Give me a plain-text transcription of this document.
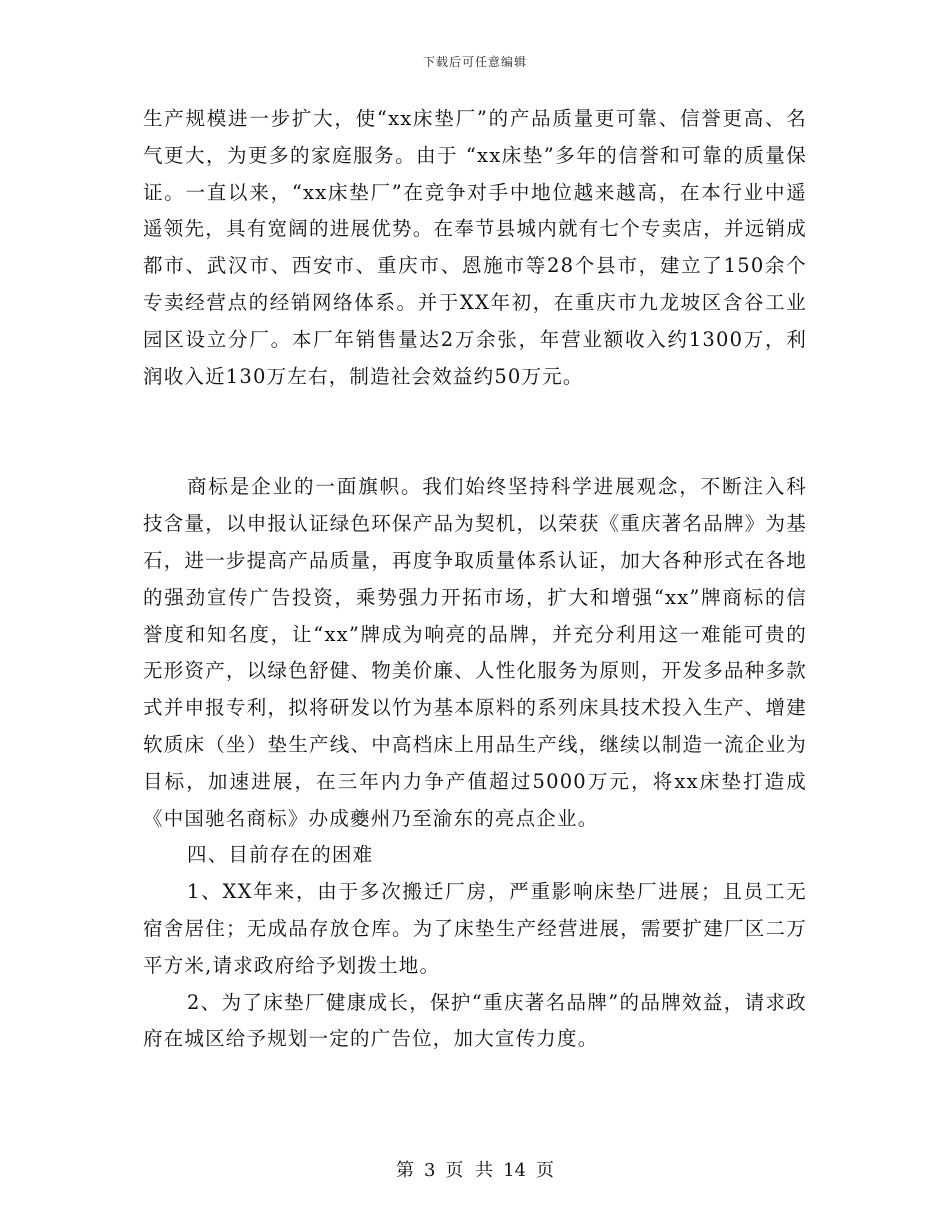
下载后可任意编辑

生产规模进一步扩大，使“xx床垫厂”的产品质量更可靠、信誉更高、名气更大，为更多的家庭服务。由于 “xx床垫”多年的信誉和可靠的质量保证。一直以来，“xx床垫厂”在竞争对手中地位越来越高，在本行业中遥遥领先，具有宽阔的进展优势。在奉节县城内就有七个专卖店，并远销成都市、武汉市、西安市、重庆市、恩施市等28个县市，建立了150余个专卖经营点的经销网络体系。并于XX年初，在重庆市九龙坡区含谷工业园区设立分厂。本厂年销售量达2万余张，年营业额收入约1300万，利润收入近130万左右，制造社会效益约50万元。

商标是企业的一面旗帜。我们始终坚持科学进展观念，不断注入科技含量，以申报认证绿色环保产品为契机，以荣获《重庆著名品牌》为基石，进一步提高产品质量，再度争取质量体系认证，加大各种形式在各地的强劲宣传广告投资，乘势强力开拓市场，扩大和增强“xx”牌商标的信誉度和知名度，让“xx”牌成为响亮的品牌，并充分利用这一难能可贵的无形资产，以绿色舒健、物美价廉、人性化服务为原则，开发多品种多款式并申报专利，拟将研发以竹为基本原料的系列床具技术投入生产、增建软质床（坐）垫生产线、中高档床上用品生产线，继续以制造一流企业为目标，加速进展，在三年内力争产值超过5000万元，将xx床垫打造成《中国驰名商标》办成夔州乃至渝东的亮点企业。

四、目前存在的困难

1、XX年来，由于多次搬迁厂房，严重影响床垫厂进展；且员工无宿舍居住；无成品存放仓库。为了床垫生产经营进展，需要扩建厂区二万平方米,请求政府给予划拨土地。

2、为了床垫厂健康成长，保护“重庆著名品牌”的品牌效益，请求政府在城区给予规划一定的广告位，加大宣传力度。

第 3 页 共 14 页
